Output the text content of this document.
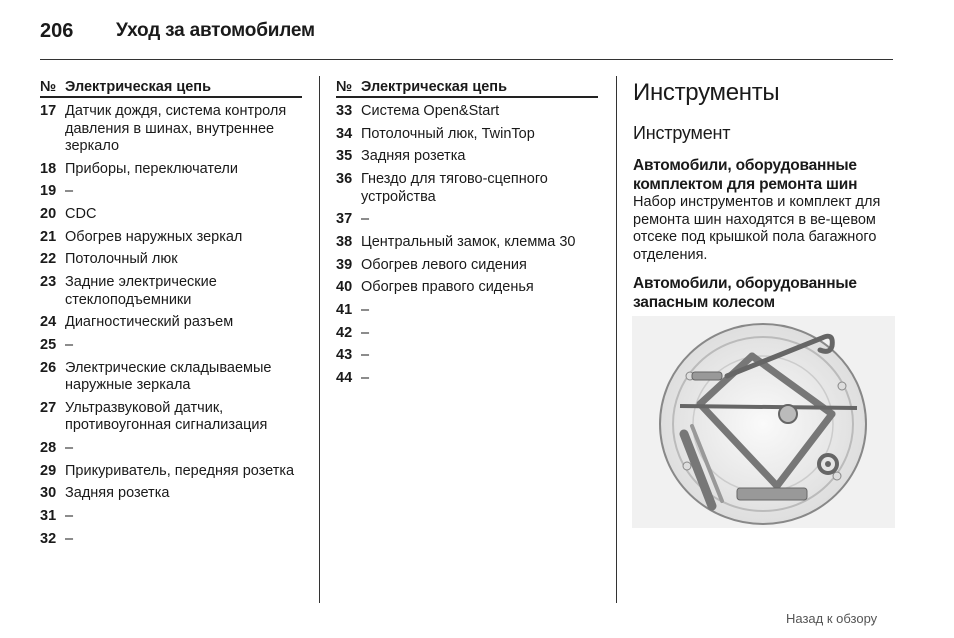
206 Уход за автомобилем
№ Электрическая цепь
17 Датчик дождя, система контроля давления в шинах, внутреннее зеркало
18 Приборы, переключатели
19 –
20 CDC
21 Обогрев наружных зеркал
22 Потолочный люк
23 Задние электрические стеклоподъемники
24 Диагностический разъем
25 –
26 Электрические складываемые наружные зеркала
27 Ультразвуковой датчик, противоугонная сигнализация
28 –
29 Прикуриватель, передняя розетка
30 Задняя розетка
31 –
32 –
№ Электрическая цепь
33 Система Open&Start
34 Потолочный люк, TwinTop
35 Задняя розетка
36 Гнездо для тягово-сцепного устройства
37 –
38 Центральный замок, клемма 30
39 Обогрев левого сидения
40 Обогрев правого сиденья
41 –
42 –
43 –
44 –
Инструменты
Инструмент
Автомобили, оборудованные комплектом для ремонта шин

Набор инструментов и комплект для ремонта шин находятся в ве-щевом отсеке под крышкой пола багажного отделения.

Автомобили, оборудованные запасным колесом
Назад к обзору
